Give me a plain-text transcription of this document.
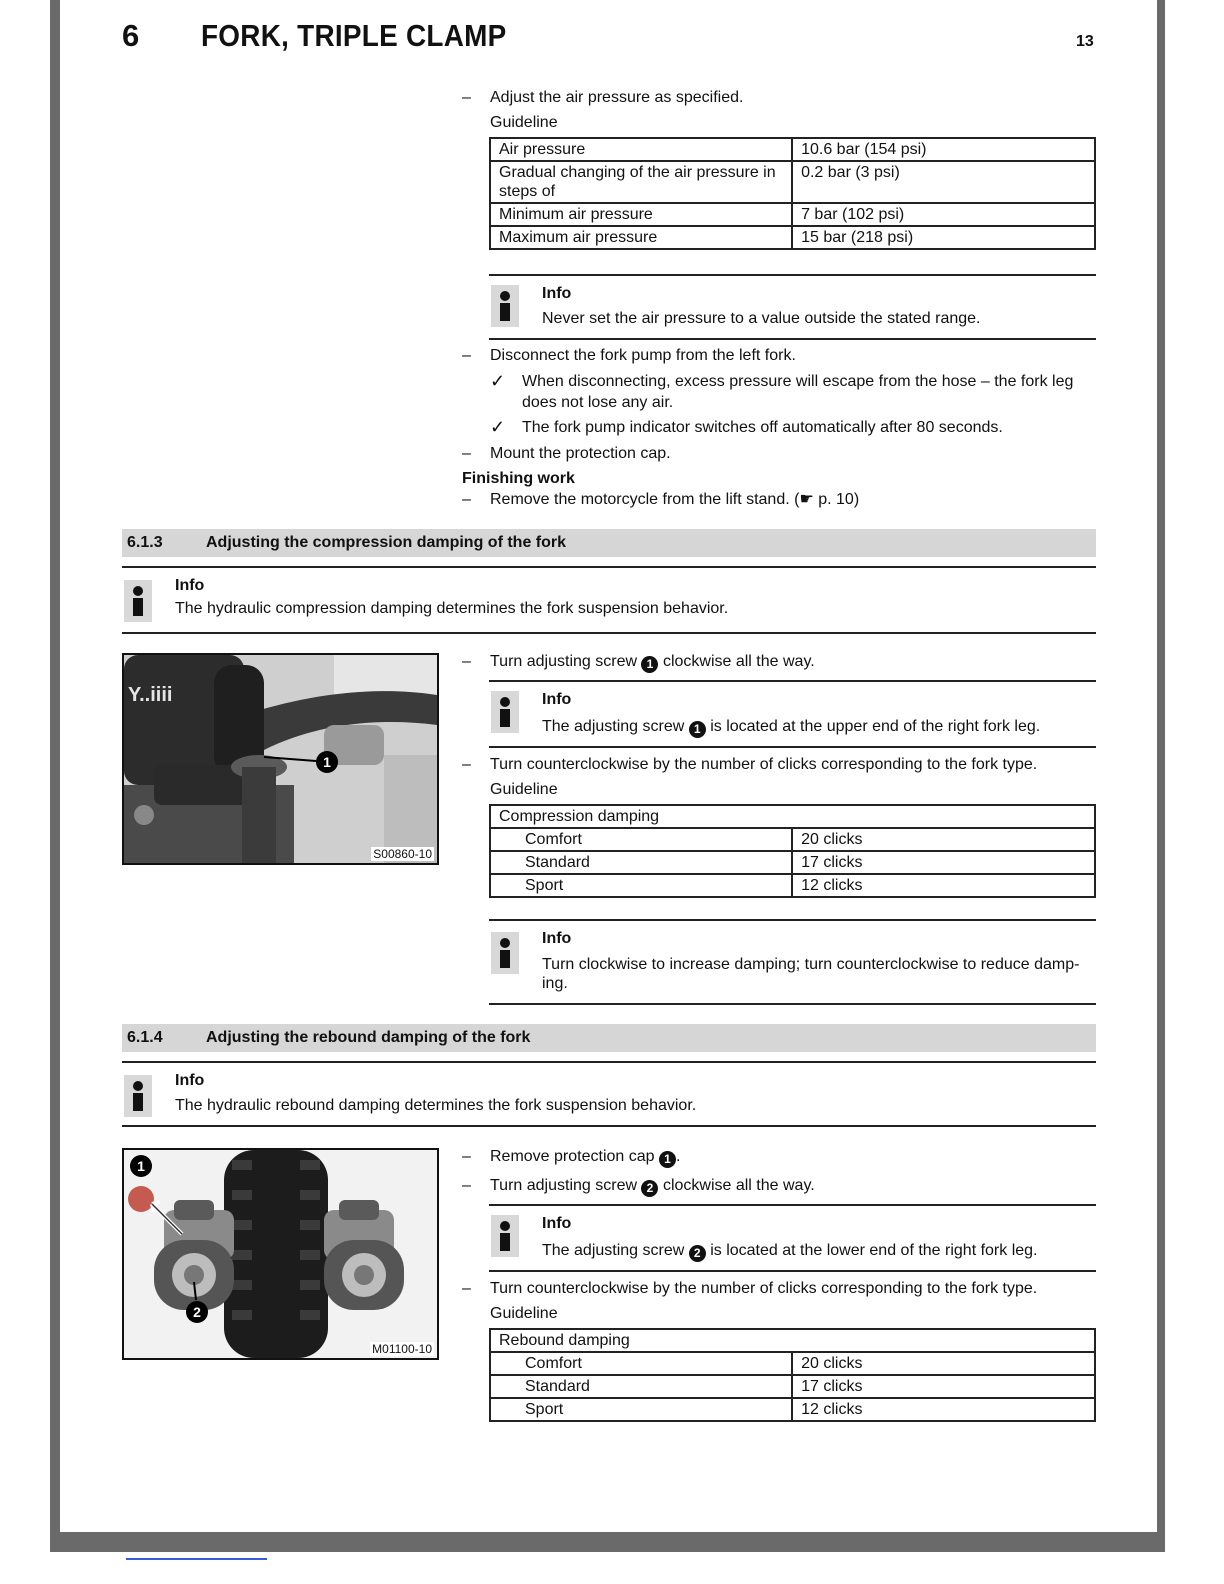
6 FORK, TRIPLE CLAMP	13
– Adjust the air pressure as specified.
Guideline
Air pressure	10.6 bar (154 psi)
Gradual changing of the air pressure in steps of	0.2 bar (3 psi)
Minimum air pressure	7 bar (102 psi)
Maximum air pressure	15 bar (218 psi)
Info
Never set the air pressure to a value outside the stated range.
– Disconnect the fork pump from the left fork.
✓ When disconnecting, excess pressure will escape from the hose – the fork leg
does not lose any air.
✓ The fork pump indicator switches off automatically after 80 seconds.
– Mount the protection cap.
Finishing work
– Remove the motorcycle from the lift stand. (☛ p. 10)
6.1.3	Adjusting the compression damping of the fork
Info
The hydraulic compression damping determines the fork suspension behavior.
Y..iiii
1
S00860-10
– Turn adjusting screw 1 clockwise all the way.
Info
The adjusting screw 1 is located at the upper end of the right fork leg.
– Turn counterclockwise by the number of clicks corresponding to the fork type.
Guideline
Compression damping	
Comfort	20 clicks
Standard	17 clicks
Sport	12 clicks
Info
Turn clockwise to increase damping; turn counterclockwise to reduce damp-
ing.
6.1.4	Adjusting the rebound damping of the fork
Info
The hydraulic rebound damping determines the fork suspension behavior.
1
2
M01100-10
– Remove protection cap 1 .
– Turn adjusting screw 2 clockwise all the way.
Info
The adjusting screw 2 is located at the lower end of the right fork leg.
– Turn counterclockwise by the number of clicks corresponding to the fork type.
Guideline
Rebound damping	
Comfort	20 clicks
Standard	17 clicks
Sport	12 clicks
